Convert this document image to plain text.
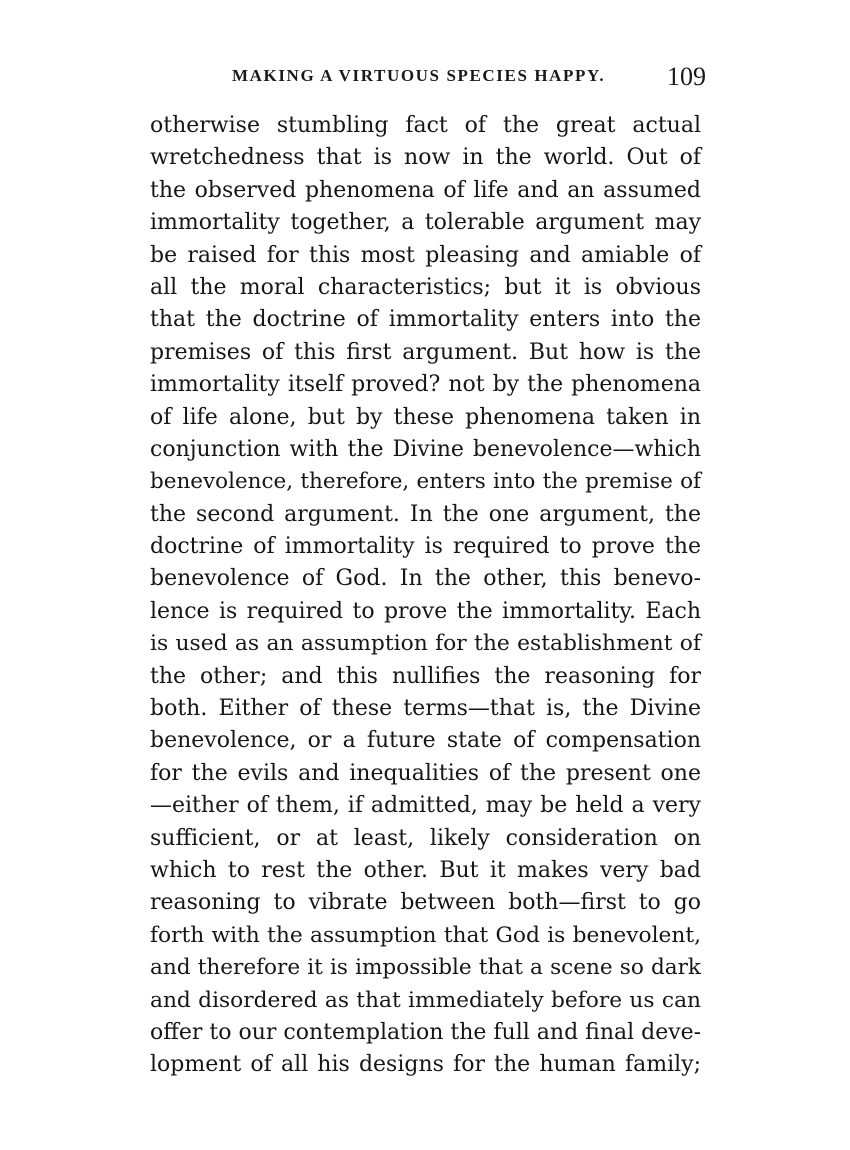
MAKING A VIRTUOUS SPECIES HAPPY. 109
otherwise stumbling fact of the great actual
wretchedness that is now in the world. Out of
the observed phenomena of life and an assumed
immortality together, a tolerable argument may
be raised for this most pleasing and amiable of
all the moral characteristics; but it is obvious
that the doctrine of immortality enters into the
premises of this first argument. But how is the
immortality itself proved? not by the phenomena
of life alone, but by these phenomena taken in
conjunction with the Divine benevolence—which
benevolence, therefore, enters into the premise of
the second argument. In the one argument, the
doctrine of immortality is required to prove the
benevolence of God. In the other, this benevo-
lence is required to prove the immortality. Each
is used as an assumption for the establishment of
the other; and this nullifies the reasoning for
both. Either of these terms—that is, the Divine
benevolence, or a future state of compensation
for the evils and inequalities of the present one
—either of them, if admitted, may be held a very
sufficient, or at least, likely consideration on
which to rest the other. But it makes very bad
reasoning to vibrate between both—first to go
forth with the assumption that God is benevolent,
and therefore it is impossible that a scene so dark
and disordered as that immediately before us can
offer to our contemplation the full and final deve-
lopment of all his designs for the human family;
